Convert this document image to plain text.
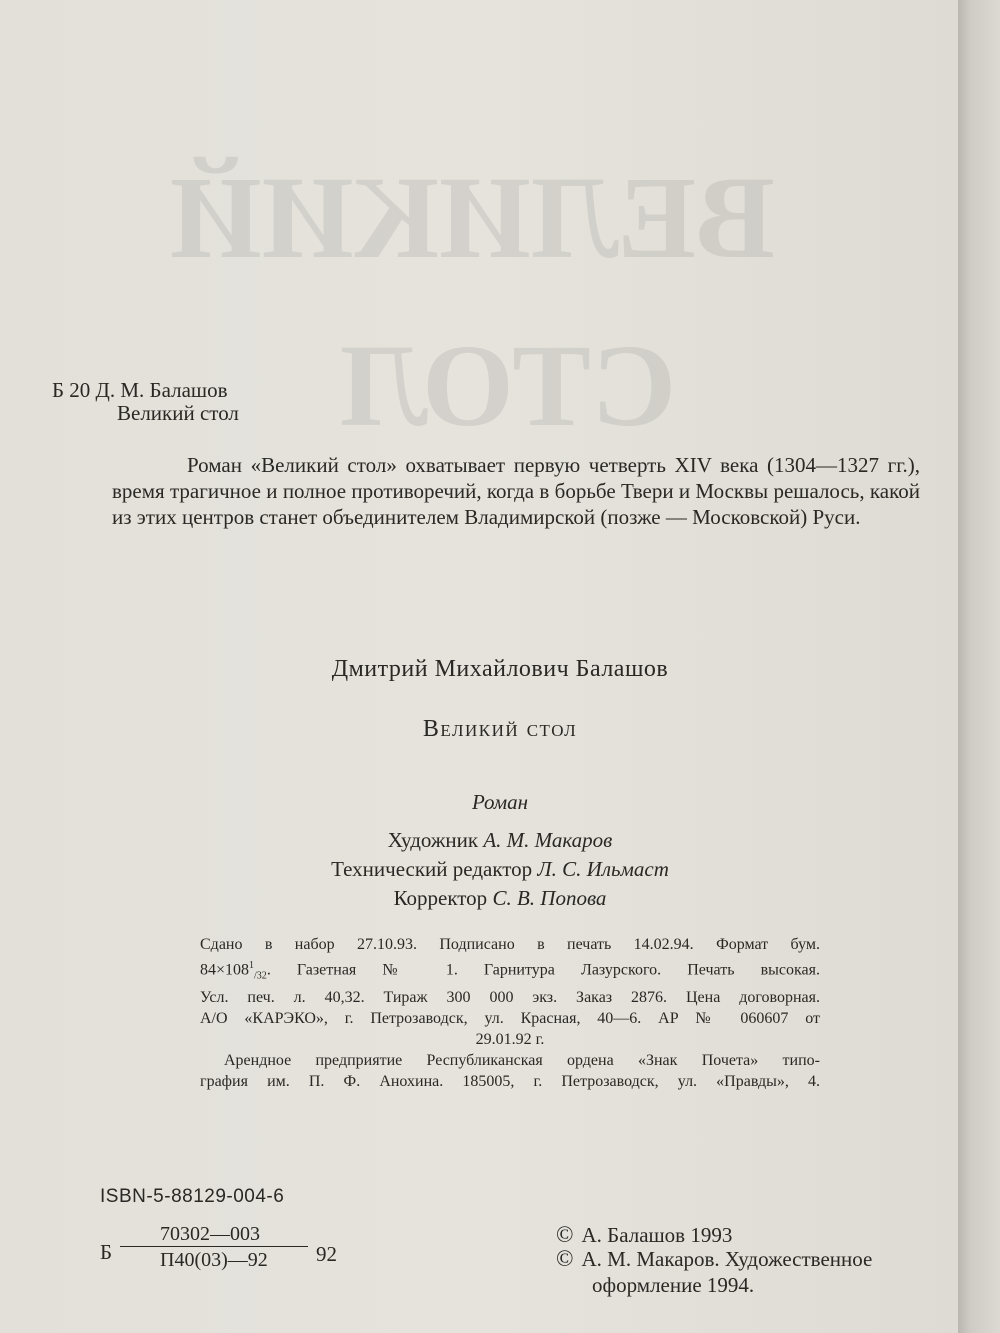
ВЕЛИКИЙ
СТОЛ
Б 20 Д. М. Балашов
Великий стол

Роман «Великий стол» охватывает первую четверть XIV века (1304—1327 гг.), время трагичное и полное противоречий, когда в борьбе Твери и Москвы решалось, какой из этих центров станет объединителем Владимирской (позже — Московской) Руси.

Дмитрий Михайлович Балашов
Великий стол
Роман
Художник А. М. Макаров
Технический редактор Л. С. Ильмаст
Корректор С. В. Попова
Сдано в набор 27.10.93. Подписано в печать 14.02.94. Формат бум.
$84\times 108^1_{/32}$. Газетная № 1. Гарнитура Лазурского. Печать высокая.
Усл. печ. л. 40,32. Тираж 300 000 экз. Заказ 2876. Цена договорная.
А/О «КАРЭКО», г. Петрозаводск, ул. Красная, 40—6. АР № 060607 от
29.01.92 г.
Арендное предприятие Республиканская ордена «Знак Почета» типо-
графия им. П. Ф. Анохина. 185005, г. Петрозаводск, ул. «Правды», 4.
ISBN-5-88129-004-6
Б
70302—003
П40(03)—92 92
© А. Балашов 1993
© А. М. Макаров. Художественное
оформление 1994.
